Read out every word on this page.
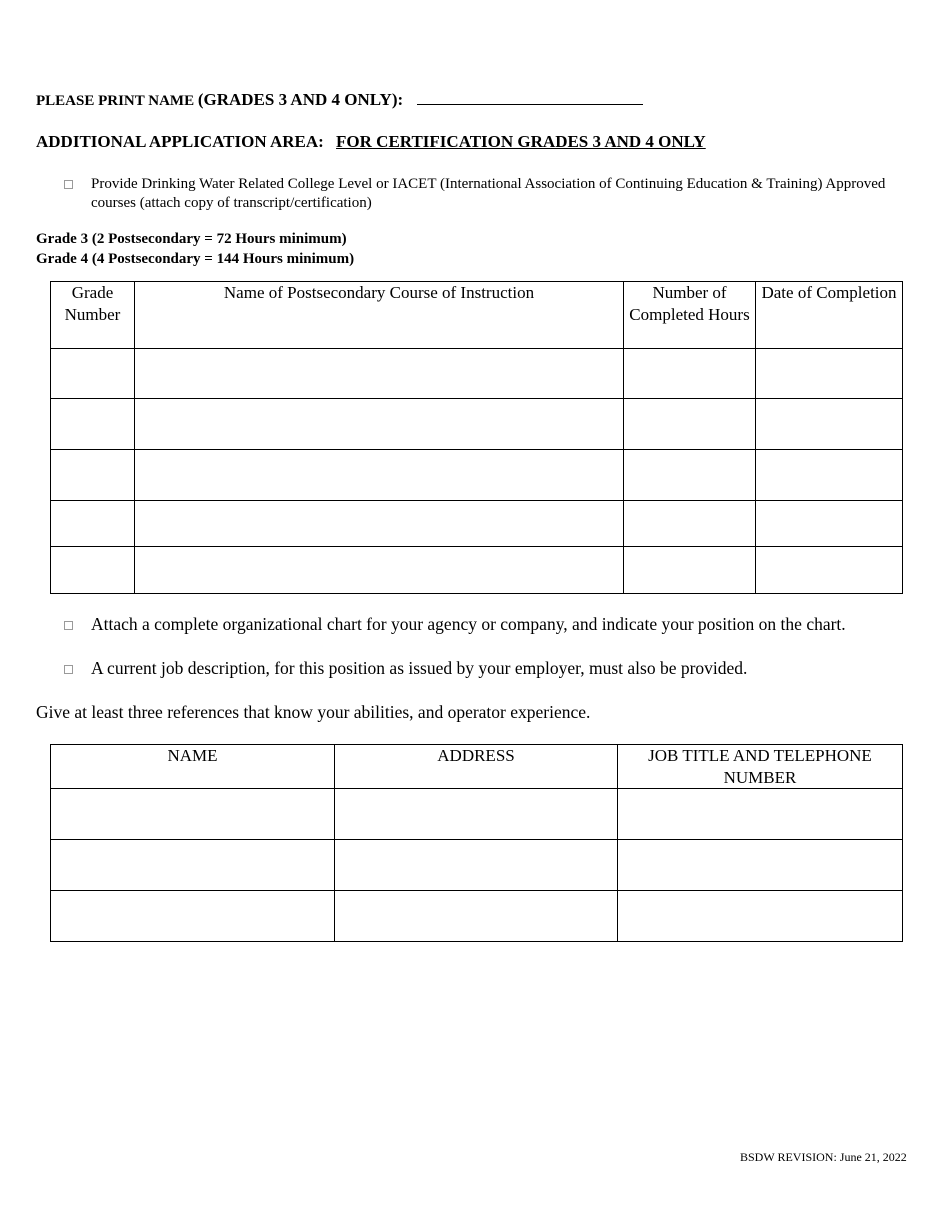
PLEASE PRINT NAME (GRADES 3 AND 4 ONLY):
ADDITIONAL APPLICATION AREA: FOR CERTIFICATION GRADES 3 AND 4 ONLY
Provide Drinking Water Related College Level or IACET (International Association of Continuing Education & Training) Approved courses (attach copy of transcript/certification)
Grade 3 (2 Postsecondary = 72 Hours minimum)
Grade 4 (4 Postsecondary = 144 Hours minimum)
Grade Number	Name of Postsecondary Course of Instruction	Number of Completed Hours	Date of Completion

Attach a complete organizational chart for your agency or company, and indicate your position on the chart.
A current job description, for this position as issued by your employer, must also be provided.
Give at least three references that know your abilities, and operator experience.
NAME	ADDRESS	JOB TITLE AND TELEPHONE NUMBER

BSDW REVISION: June 21, 2022
